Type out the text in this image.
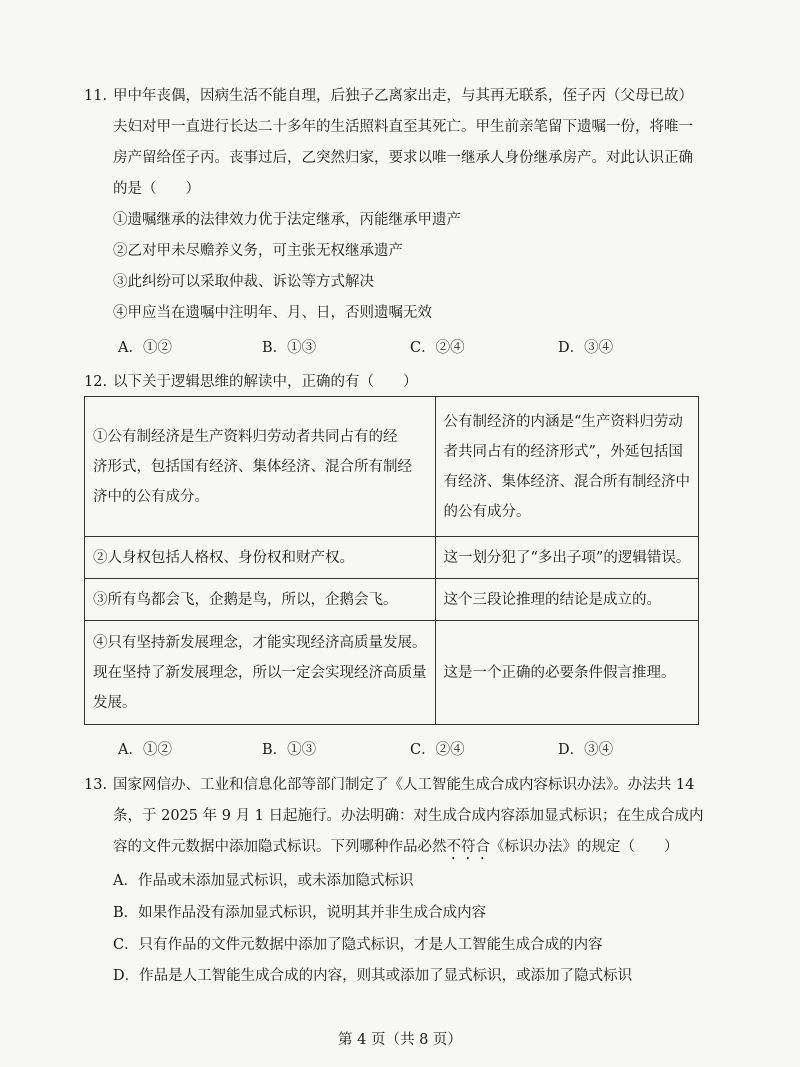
11. 甲中年丧偶，因病生活不能自理，后独子乙离家出走，与其再无联系，侄子丙（父母已故）
夫妇对甲一直进行长达二十多年的生活照料直至其死亡。甲生前亲笔留下遗嘱一份，将唯一
房产留给侄子丙。丧事过后，乙突然归家，要求以唯一继承人身份继承房产。对此认识正确
的是（　　）
①遗嘱继承的法律效力优于法定继承，丙能继承甲遗产
②乙对甲未尽赡养义务，可主张无权继承遗产
③此纠纷可以采取仲裁、诉讼等方式解决
④甲应当在遗嘱中注明年、月、日，否则遗嘱无效
A．①②	B．①③	C．②④	D．③④
12. 以下关于逻辑思维的解读中，正确的有（　　）
①公有制经济是生产资料归劳动者共同占有的经
济形式，包括国有经济、集体经济、混合所有制经
济中的公有成分。	公有制经济的内涵是“生产资料归劳动
者共同占有的经济形式”，外延包括国
有经济、集体经济、混合所有制经济中
的公有成分。

②人身权包括人格权、身份权和财产权。	这一划分犯了“多出子项”的逻辑错误。

③所有鸟都会飞，企鹅是鸟，所以，企鹅会飞。	这个三段论推理的结论是成立的。

④只有坚持新发展理念，才能实现经济高质量发展。
现在坚持了新发展理念，所以一定会实现经济高质量
发展。	这是一个正确的必要条件假言推理。
A．①②	B．①③	C．②④	D．③④
13. 国家网信办、工业和信息化部等部门制定了《人工智能生成合成内容标识办法》。办法共 14
条，于 2025 年 9 月 1 日起施行。办法明确：对生成合成内容添加显式标识；在生成合成内
容的文件元数据中添加隐式标识。下列哪种作品必然不符合《标识办法》的规定（　　）
A．作品或未添加显式标识，或未添加隐式标识
B．如果作品没有添加显式标识，说明其并非生成合成内容
C．只有作品的文件元数据中添加了隐式标识，才是人工智能生成合成的内容
D．作品是人工智能生成合成的内容，则其或添加了显式标识，或添加了隐式标识
第 4 页（共 8 页）
